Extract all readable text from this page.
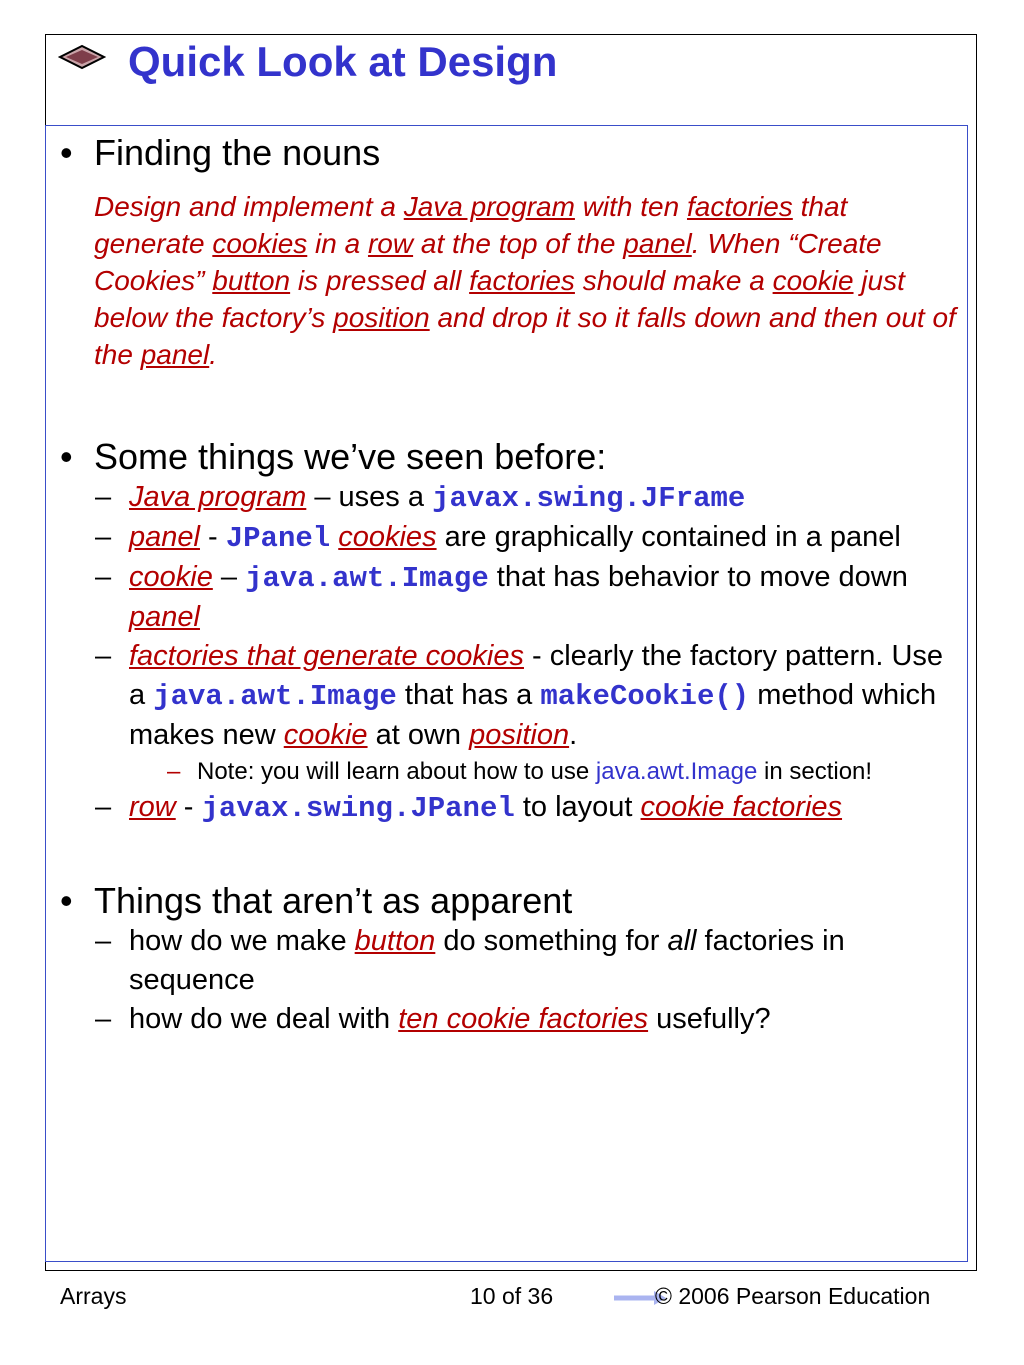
Quick Look at Design
• Finding the nouns
Design and implement a Java program with ten factories that generate cookies in a row at the top of the panel. When “Create Cookies” button is pressed all factories should make a cookie just below the factory’s position and drop it so it falls down and then out of the panel.
• Some things we’ve seen before:
– Java program – uses a javax.swing.JFrame
– panel - JPanel cookies are graphically contained in a panel
– cookie – java.awt.Image that has behavior to move down panel
– factories that generate cookies - clearly the factory pattern. Use a java.awt.Image that has a makeCookie() method which makes new cookie at own position.
– Note: you will learn about how to use java.awt.Image in section!
– row - javax.swing.JPanel to layout cookie factories
• Things that aren’t as apparent
– how do we make button do something for all factories in sequence
– how do we deal with ten cookie factories usefully?
Arrays	10 of 36	© 2006 Pearson Education
